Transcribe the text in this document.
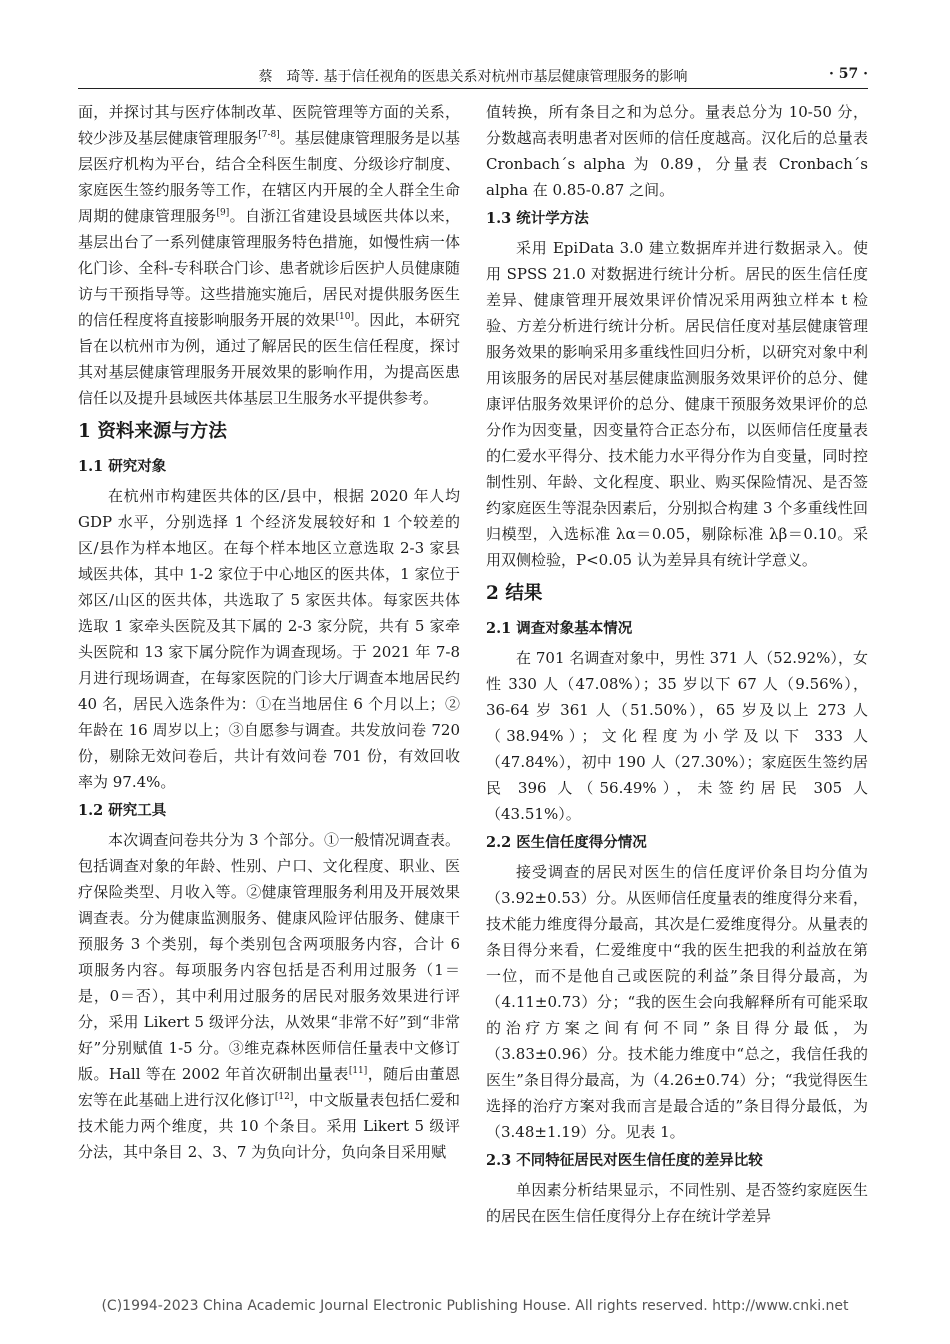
蔡　琦等. 基于信任视角的医患关系对杭州市基层健康管理服务的影响	· 57 ·

面，并探讨其与医疗体制改革、医院管理等方面的关系，较少涉及基层健康管理服务[7-8]。基层健康管理服务是以基层医疗机构为平台，结合全科医生制度、分级诊疗制度、家庭医生签约服务等工作，在辖区内开展的全人群全生命周期的健康管理服务[9]。自浙江省建设县域医共体以来，基层出台了一系列健康管理服务特色措施，如慢性病一体化门诊、全科-专科联合门诊、患者就诊后医护人员健康随访与干预指导等。这些措施实施后，居民对提供服务医生的信任程度将直接影响服务开展的效果[10]。因此，本研究旨在以杭州市为例，通过了解居民的医生信任程度，探讨其对基层健康管理服务开展效果的影响作用，为提高医患信任以及提升县域医共体基层卫生服务水平提供参考。

1 资料来源与方法
1.1 研究对象

在杭州市构建医共体的区/县中，根据 2020 年人均 GDP 水平，分别选择 1 个经济发展较好和 1 个较差的区/县作为样本地区。在每个样本地区立意选取 2-3 家县域医共体，其中 1-2 家位于中心地区的医共体，1 家位于郊区/山区的医共体，共选取了 5 家医共体。每家医共体选取 1 家牵头医院及其下属的 2-3 家分院，共有 5 家牵头医院和 13 家下属分院作为调查现场。于 2021 年 7-8 月进行现场调查，在每家医院的门诊大厅调查本地居民约 40 名，居民入选条件为：①在当地居住 6 个月以上；②年龄在 16 周岁以上；③自愿参与调查。共发放问卷 720 份，剔除无效问卷后，共计有效问卷 701 份，有效回收率为 97.4%。

1.2 研究工具

本次调查问卷共分为 3 个部分。①一般情况调查表。包括调查对象的年龄、性别、户口、文化程度、职业、医疗保险类型、月收入等。②健康管理服务利用及开展效果调查表。分为健康监测服务、健康风险评估服务、健康干预服务 3 个类别，每个类别包含两项服务内容，合计 6 项服务内容。每项服务内容包括是否利用过服务（1＝是，0＝否），其中利用过服务的居民对服务效果进行评分，采用 Likert 5 级评分法，从效果“非常不好”到“非常好”分别赋值 1-5 分。③维克森林医师信任量表中文修订版。Hall 等在 2002 年首次研制出量表[11]，随后由董恩宏等在此基础上进行汉化修订[12]，中文版量表包括仁爱和技术能力两个维度，共 10 个条目。采用 Likert 5 级评分法，其中条目 2、3、7 为负向计分，负向条目采用赋

值转换，所有条目之和为总分。量表总分为 10-50 分，分数越高表明患者对医师的信任度越高。汉化后的总量表 Cronbach´s alpha 为 0.89，分量表 Cronbach´s alpha 在 0.85-0.87 之间。

1.3 统计学方法

采用 EpiData 3.0 建立数据库并进行数据录入。使用 SPSS 21.0 对数据进行统计分析。居民的医生信任度差异、健康管理开展效果评价情况采用两独立样本 t 检验、方差分析进行统计分析。居民信任度对基层健康管理服务效果的影响采用多重线性回归分析，以研究对象中利用该服务的居民对基层健康监测服务效果评价的总分、健康评估服务效果评价的总分、健康干预服务效果评价的总分作为因变量，因变量符合正态分布，以医师信任度量表的仁爱水平得分、技术能力水平得分作为自变量，同时控制性别、年龄、文化程度、职业、购买保险情况、是否签约家庭医生等混杂因素后，分别拟合构建 3 个多重线性回归模型，入选标准 λα＝0.05，剔除标准 λβ＝0.10。采用双侧检验，P<0.05 认为差异具有统计学意义。

2 结果
2.1 调查对象基本情况

在 701 名调查对象中，男性 371 人（52.92%），女性 330 人（47.08%）；35 岁以下 67 人（9.56%），36-64 岁 361 人（51.50%），65 岁及以上 273 人（38.94%）；文化程度为小学及以下 333 人（47.84%），初中 190 人（27.30%）；家庭医生签约居民 396 人（56.49%），未签约居民 305 人（43.51%）。

2.2 医生信任度得分情况

接受调查的居民对医生的信任度评价条目均分值为（3.92±0.53）分。从医师信任度量表的维度得分来看，技术能力维度得分最高，其次是仁爱维度得分。从量表的条目得分来看，仁爱维度中“我的医生把我的利益放在第一位，而不是他自己或医院的利益”条目得分最高，为（4.11±0.73）分；“我的医生会向我解释所有可能采取的治疗方案之间有何不同”条目得分最低，为（3.83±0.96）分。技术能力维度中“总之，我信任我的医生”条目得分最高，为（4.26±0.74）分；“我觉得医生选择的治疗方案对我而言是最合适的”条目得分最低，为（3.48±1.19）分。见表 1。

2.3 不同特征居民对医生信任度的差异比较

单因素分析结果显示，不同性别、是否签约家庭医生的居民在医生信任度得分上存在统计学差异

(C)1994-2023 China Academic Journal Electronic Publishing House. All rights reserved. http://www.cnki.net
